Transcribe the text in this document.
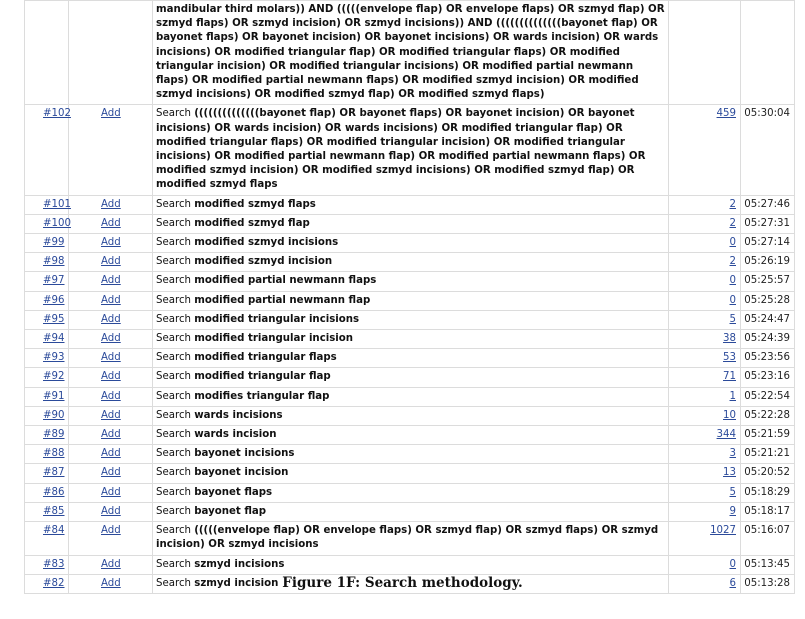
		mandibular third molars)) AND (((((envelope flap) OR envelope flaps) OR szmyd flap) OR szmyd flaps) OR szmyd incision) OR szmyd incisions)) AND ((((((((((((((bayonet flap) OR bayonet flaps) OR bayonet incision) OR bayonet incisions) OR wards incision) OR wards incisions) OR modified triangular flap) OR modified triangular flaps) OR modified triangular incision) OR modified triangular incisions) OR modified partial newmann flaps) OR modified partial newmann flaps) OR modified szmyd incision) OR modified szmyd incisions) OR modified szmyd flap) OR modified szmyd flaps)		
#102	Add	Search ((((((((((((((bayonet flap) OR bayonet flaps) OR bayonet incision) OR bayonet incisions) OR wards incision) OR wards incisions) OR modified triangular flap) OR modified triangular flaps) OR modified triangular incision) OR modified triangular incisions) OR modified partial newmann flap) OR modified partial newmann flaps) OR modified szmyd incision) OR modified szmyd incisions) OR modified szmyd flap) OR modified szmyd flaps	459	05:30:04
#101	Add	Search modified szmyd flaps	2	05:27:46
#100	Add	Search modified szmyd flap	2	05:27:31
#99	Add	Search modified szmyd incisions	0	05:27:14
#98	Add	Search modified szmyd incision	2	05:26:19
#97	Add	Search modified partial newmann flaps	0	05:25:57
#96	Add	Search modified partial newmann flap	0	05:25:28
#95	Add	Search modified triangular incisions	5	05:24:47
#94	Add	Search modified triangular incision	38	05:24:39
#93	Add	Search modified triangular flaps	53	05:23:56
#92	Add	Search modified triangular flap	71	05:23:16
#91	Add	Search modifies triangular flap	1	05:22:54
#90	Add	Search wards incisions	10	05:22:28
#89	Add	Search wards incision	344	05:21:59
#88	Add	Search bayonet incisions	3	05:21:21
#87	Add	Search bayonet incision	13	05:20:52
#86	Add	Search bayonet flaps	5	05:18:29
#85	Add	Search bayonet flap	9	05:18:17
#84	Add	Search (((((envelope flap) OR envelope flaps) OR szmyd flap) OR szmyd flaps) OR szmyd incision) OR szmyd incisions	1027	05:16:07
#83	Add	Search szmyd incisions	0	05:13:45
#82	Add	Search szmyd incision	6	05:13:28
Figure 1F: Search methodology.
